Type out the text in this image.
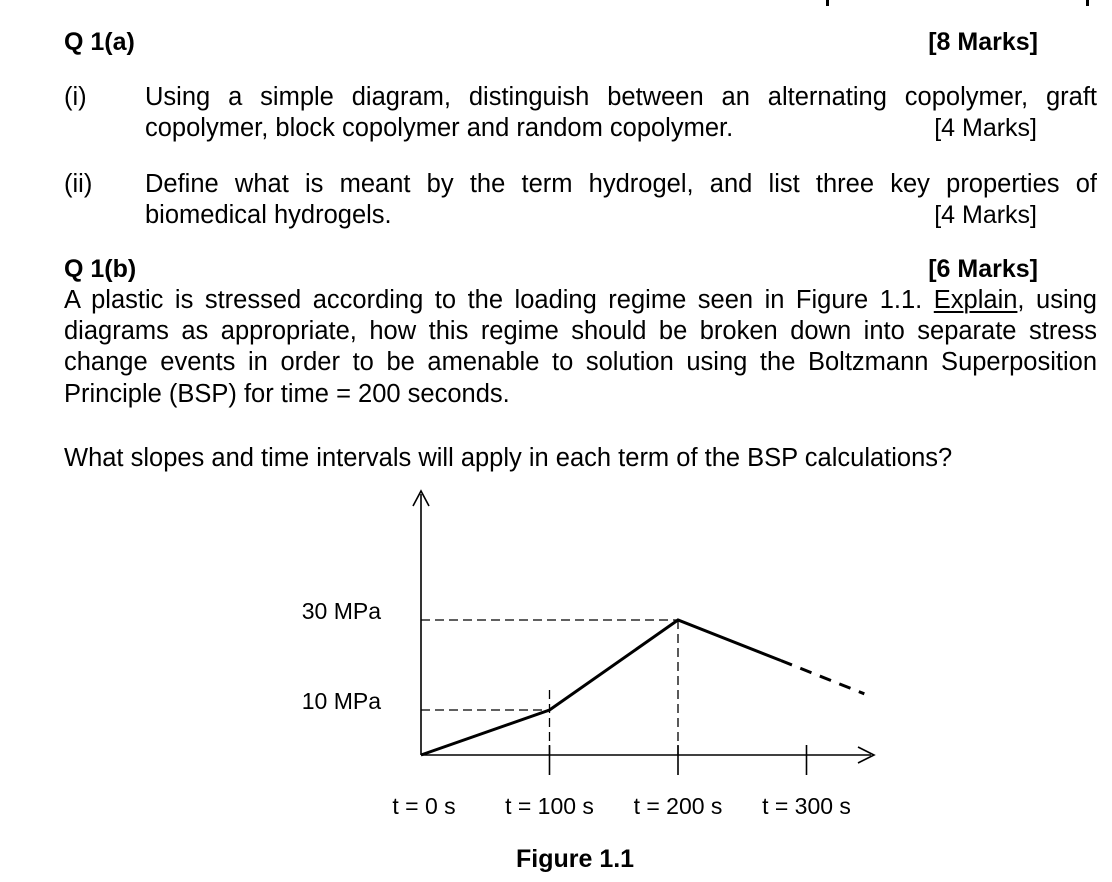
Q 1(a)	[8 Marks]
(i) Using a simple diagram, distinguish between an alternating copolymer, graft
copolymer, block copolymer and random copolymer.	[4 Marks]
(ii) Define what is meant by the term hydrogel, and list three key properties of
biomedical hydrogels.	[4 Marks]
Q 1(b)	[6 Marks]
A plastic is stressed according to the loading regime seen in Figure 1.1. Explain, using
diagrams as appropriate, how this regime should be broken down into separate stress
change events in order to be amenable to solution using the Boltzmann Superposition
Principle (BSP) for time = 200 seconds.
What slopes and time intervals will apply in each term of the BSP calculations?
t = 0 s t = 100 s t = 200 s t = 300 s
30 MPa
10 MPa
Figure 1.1
